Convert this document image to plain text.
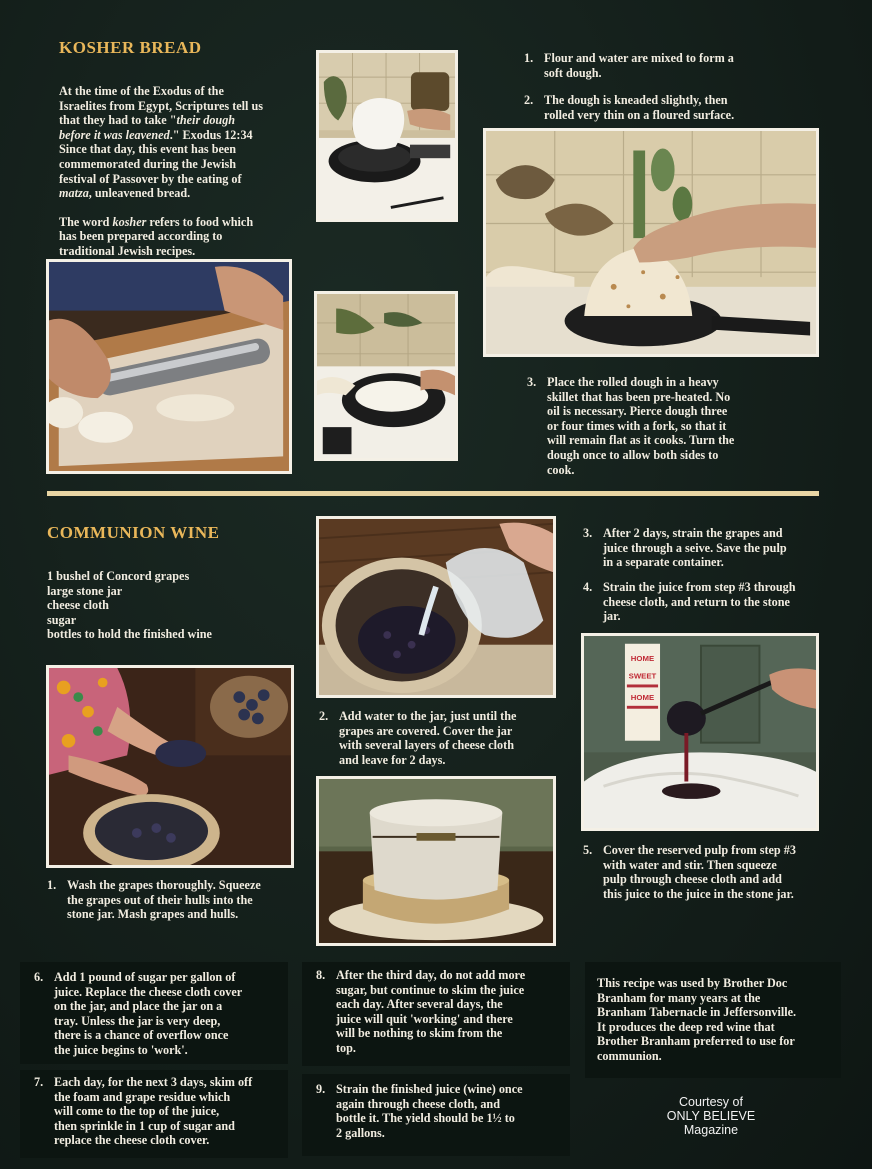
KOSHER BREAD
At the time of the Exodus of the
Israelites from Egypt, Scriptures tell us
that they had to take "their dough
before it was leavened." Exodus 12:34
Since that day, this event has been
commemorated during the Jewish
festival of Passover by the eating of
matza, unleavened bread.
The word kosher refers to food which
has been prepared according to
traditional Jewish recipes.
1. Flour and water are mixed to form a
soft dough.
2. The dough is kneaded slightly, then
rolled very thin on a floured surface.
3. Place the rolled dough in a heavy
skillet that has been pre-heated. No
oil is necessary. Pierce dough three
or four times with a fork, so that it
will remain flat as it cooks. Turn the
dough once to allow both sides to
cook.
COMMUNION WINE
1 bushel of Concord grapes
large stone jar
cheese cloth
sugar
bottles to hold the finished wine
3. After 2 days, strain the grapes and
juice through a seive. Save the pulp
in a separate container.
4. Strain the juice from step #3 through
cheese cloth, and return to the stone
jar.
HOME
SWEET
HOME
1. Wash the grapes thoroughly. Squeeze
the grapes out of their hulls into the
stone jar. Mash grapes and hulls.
2. Add water to the jar, just until the
grapes are covered. Cover the jar
with several layers of cheese cloth
and leave for 2 days.
5. Cover the reserved pulp from step #3
with water and stir. Then squeeze
pulp through cheese cloth and add
this juice to the juice in the stone jar.
6. Add 1 pound of sugar per gallon of
juice. Replace the cheese cloth cover
on the jar, and place the jar on a
tray. Unless the jar is very deep,
there is a chance of overflow once
the juice begins to 'work'.
7. Each day, for the next 3 days, skim off
the foam and grape residue which
will come to the top of the juice,
then sprinkle in 1 cup of sugar and
replace the cheese cloth cover.
8. After the third day, do not add more
sugar, but continue to skim the juice
each day. After several days, the
juice will quit 'working' and there
will be nothing to skim from the
top.
9. Strain the finished juice (wine) once
again through cheese cloth, and
bottle it. The yield should be 1½ to
2 gallons.
This recipe was used by Brother Doc
Branham for many years at the
Branham Tabernacle in Jeffersonville.
It produces the deep red wine that
Brother Branham preferred to use for
communion.
Courtesy of
ONLY BELIEVE
Magazine
